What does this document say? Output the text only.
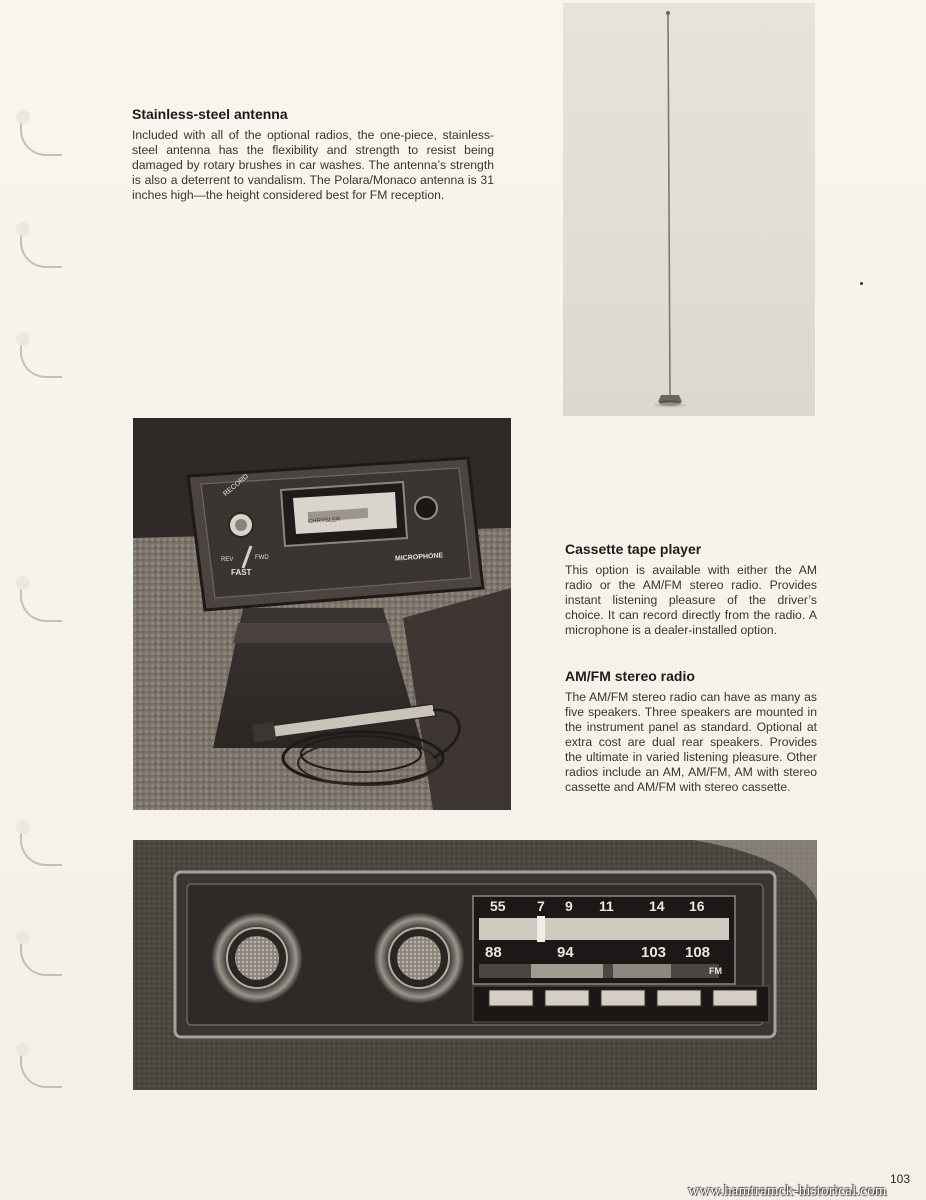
Stainless-steel antenna

Included with all of the optional radios, the one-piece, stainless-steel antenna has the flexibility and strength to resist being damaged by rotary brushes in car washes. The antenna’s strength is also a deterrent to vandalism. The Polara/Monaco antenna is 31 inches high—the height considered best for FM reception.

RECORD
FAST
REV	FWD	MICROPHONE
CHRYSLER
Cassette tape player

This option is available with either the AM radio or the AM/FM stereo radio. Provides instant listening pleasure of the driver’s choice. It can record directly from the radio. A microphone is a dealer-installed option.

AM/FM stereo radio

The AM/FM stereo radio can have as many as five speakers. Three speakers are mounted in the instrument panel as standard. Optional at extra cost are dual rear speakers. Provides the ultimate in varied listening pleasure. Other radios include an AM, AM/FM, AM with stereo cassette and AM/FM with stereo cassette.

55 7 9 11	14 16
88	94	103 108
FM
103
www.hamtramck-historical.com
